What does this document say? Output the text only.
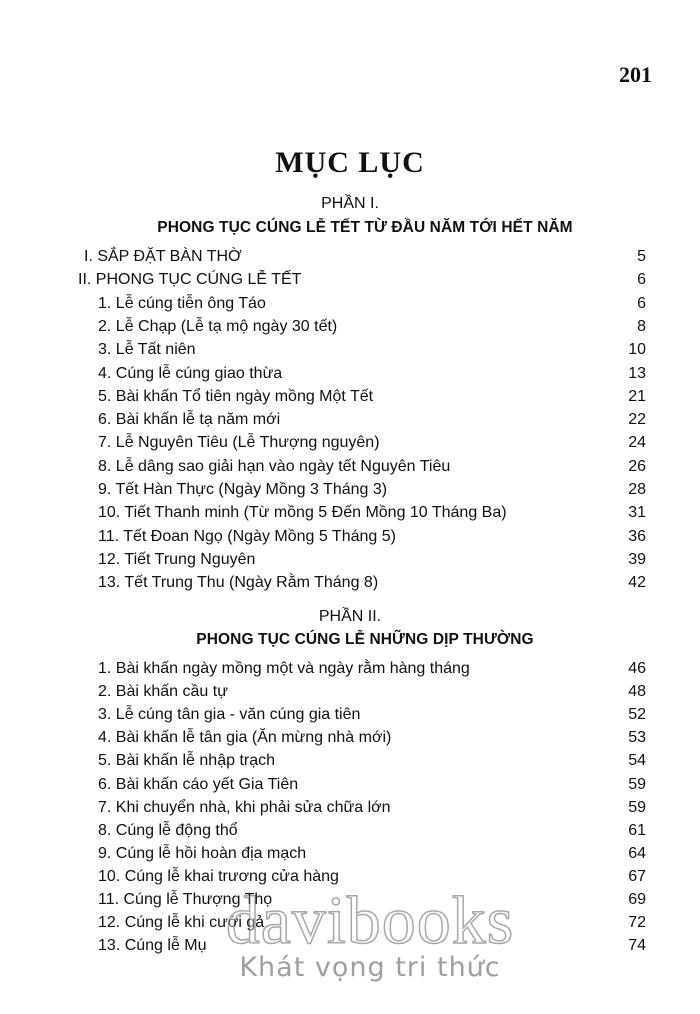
201
MỤC LỤC
PHẦN I.
PHONG TỤC CÚNG LỄ TẾT TỪ ĐẦU NĂM TỚI HẾT NĂM
I. SẮP ĐẶT BÀN THỜ	5
II. PHONG TỤC CÚNG LỄ TẾT	6
1. Lễ cúng tiễn ông Táo	6
2. Lễ Chạp (Lễ tạ mộ ngày 30 tết)	8
3. Lễ Tất niên	10
4. Cúng lễ cúng giao thừa	13
5. Bài khấn Tổ tiên ngày mồng Một Tết	21
6. Bài khấn lễ tạ năm mới	22
7. Lễ Nguyên Tiêu (Lễ Thượng nguyên)	24
8. Lễ dâng sao giải hạn vào ngày tết Nguyên Tiêu	26
9. Tết Hàn Thực (Ngày Mồng 3 Tháng 3)	28
10. Tiết Thanh minh (Từ mồng 5 Đến Mồng 10 Tháng Ba)	31
11. Tết Đoan Ngọ (Ngày Mồng 5 Tháng 5)	36
12. Tiết Trung Nguyên	39
13. Tết Trung Thu (Ngày Rằm Tháng 8)	42
PHẦN II.
PHONG TỤC CÚNG LỄ NHỮNG DỊP THƯỜNG
1. Bài khấn ngày mồng một và ngày rằm hàng tháng	46
2. Bài khấn cầu tự	48
3. Lễ cúng tân gia - văn cúng gia tiên	52
4. Bài khấn lễ tân gia (Ăn mừng nhà mới)	53
5. Bài khấn lễ nhập trạch	54
6. Bài khấn cáo yết Gia Tiên	59
7. Khi chuyển nhà, khi phải sửa chữa lớn	59
8. Cúng lễ động thổ	61
9. Cúng lễ hồi hoàn địa mạch	64
10. Cúng lễ khai trương cửa hàng	67
11. Cúng lễ Thượng Thọ	69
12. Cúng lễ khi cưới gả	72
13. Cúng lễ Mụ	74
davibooks
Khát vọng tri thức
